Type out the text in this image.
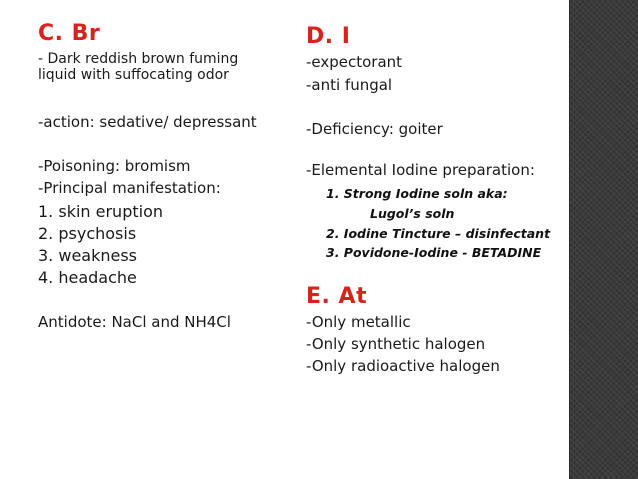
C. Br
- Dark reddish brown fuming
liquid with suffocating odor
-action: sedative/ depressant
-Poisoning: bromism
-Principal manifestation:
1. skin eruption
2. psychosis
3. weakness
4. headache
Antidote: NaCl and NH4Cl
D. I
-expectorant
-anti fungal
-Deficiency: goiter
-Elemental Iodine preparation:
1. Strong Iodine soln aka:
Lugol’s soln
2. Iodine Tincture – disinfectant
3. Povidone-Iodine - BETADINE
E. At
-Only metallic
-Only synthetic halogen
-Only radioactive halogen
